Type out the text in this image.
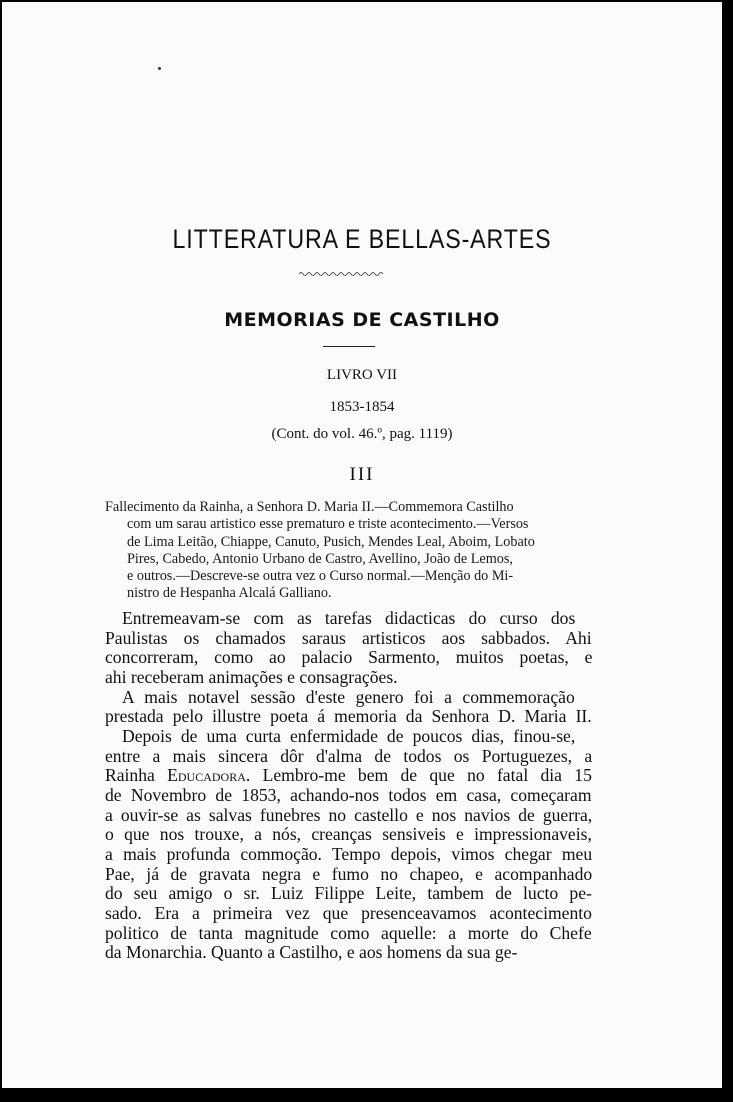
LITTERATURA E BELLAS-ARTES
MEMORIAS DE CASTILHO
LIVRO VII
1853-1854
(Cont. do vol. 46.º, pag. 1119)
III
Fallecimento da Rainha, a Senhora D. Maria II.—Commemora Castilho
com um sarau artistico esse prematuro e triste acontecimento.—Versos
de Lima Leitão, Chiappe, Canuto, Pusich, Mendes Leal, Aboim, Lobato
Pires, Cabedo, Antonio Urbano de Castro, Avellino, João de Lemos,
e outros.—Descreve-se outra vez o Curso normal.—Menção do Mi-
nistro de Hespanha Alcalá Galliano.
Entremeavam-se com as tarefas didacticas do curso dos
Paulistas os chamados saraus artisticos aos sabbados. Ahi
concorreram, como ao palacio Sarmento, muitos poetas, e
ahi receberam animações e consagrações.
A mais notavel sessão d'este genero foi a commemoração
prestada pelo illustre poeta á memoria da Senhora D. Maria II.
Depois de uma curta enfermidade de poucos dias, finou-se,
entre a mais sincera dôr d'alma de todos os Portuguezes, a
Rainha Educadora. Lembro-me bem de que no fatal dia 15
de Novembro de 1853, achando-nos todos em casa, começaram
a ouvir-se as salvas funebres no castello e nos navios de guerra,
o que nos trouxe, a nós, creanças sensiveis e impressionaveis,
a mais profunda commoção. Tempo depois, vimos chegar meu
Pae, já de gravata negra e fumo no chapeo, e acompanhado
do seu amigo o sr. Luiz Filippe Leite, tambem de lucto pe-
sado. Era a primeira vez que presenceavamos acontecimento
politico de tanta magnitude como aquelle: a morte do Chefe
da Monarchia. Quanto a Castilho, e aos homens da sua ge-
